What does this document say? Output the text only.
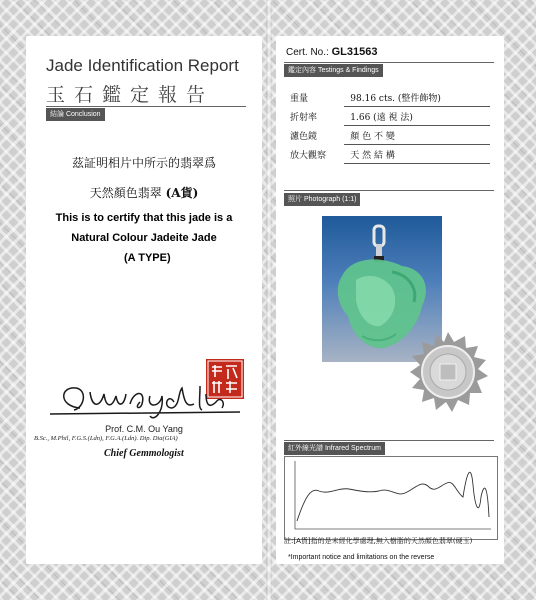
Jade Identification Report
玉石鑑定報告
結論 Conclusion
茲証明相片中所示的翡翠爲
天然顏色翡翠 (A貨)
This is to certify that this jade is a
Natural Colour Jadeite Jade
(A TYPE)
Prof. C.M. Ou Yang
B.Sc., M.Phil, F.G.S.(Ldn), F.G.A.(Ldn). Dip. Dia(GIA)
Chief Gemmologist
Cert. No.: GL31563
鑑定內容 Testings & Findings
重量	98.16 cts. (整件飾物)
折射率	1.66 (遠 視 法)
濾色鏡	顏 色 不 變
放大觀察	天 然 結 構
照片 Photograph (1:1)
紅外線光譜 Infrared Spectrum
註:[A貨]指的是未經化學處理,無入樹脂的天然顏色翡翠(硬玉)
*Important notice and limitations on the reverse
